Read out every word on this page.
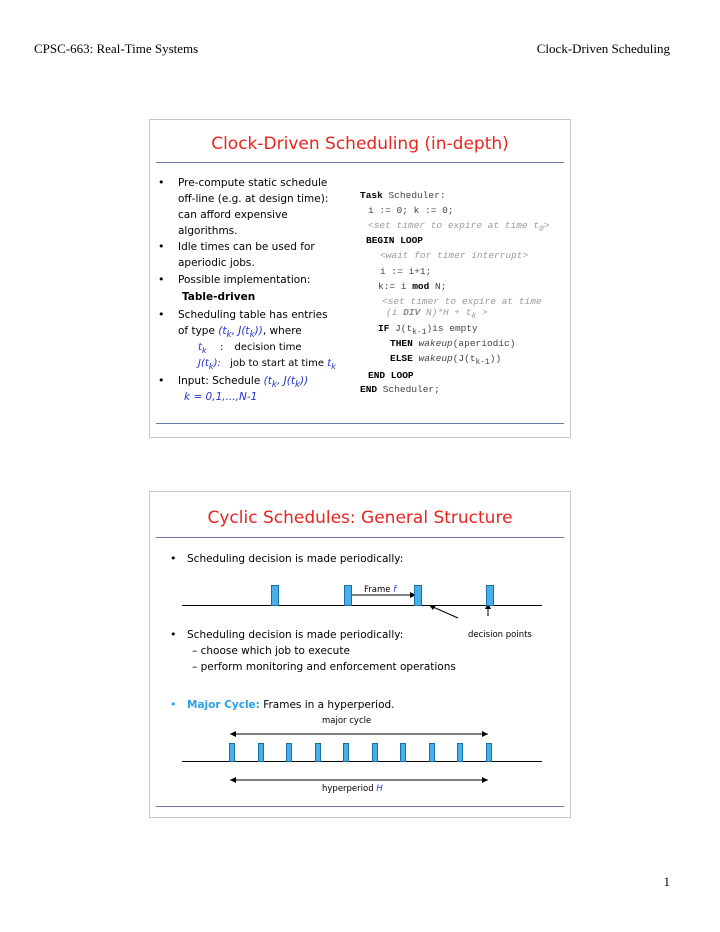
CPSC-663: Real-Time Systems	Clock-Driven Scheduling
Clock-Driven Scheduling (in-depth)
• Pre-compute static schedule
off-line (e.g. at design time):
can afford expensive
algorithms.
• Idle times can be used for
aperiodic jobs.
• Possible implementation:
Table-driven
• Scheduling table has entries
of type ($t_k$, $J(t_k)$), where
$t_k$ : decision time
$J(t_k)$: job to start at time $t_k$
• Input: Schedule ($t_k$, $J(t_k)$)
k = 0,1,...,N-1
Task Scheduler:
i := 0; k := 0;
<set timer to expire at time $t_0>$
BEGIN LOOP
<wait for timer interrupt>
i := i+1;
k:= i mod N;
<set timer to expire at time
(i DIV $N)*H + t_k$ >
IF $J(t_{k-1})is$ empty
THEN wakeup(aperiodic)
ELSE $wakeup(J(t_{k-1}))$
END LOOP
END Scheduler;
Cyclic Schedules: General Structure
• Scheduling decision is made periodically:
Frame f
• Scheduling decision is made periodically:	decision points
– choose which job to execute
– perform monitoring and enforcement operations
• Major Cycle: Frames in a hyperperiod.
major cycle
hyperperiod H
1
